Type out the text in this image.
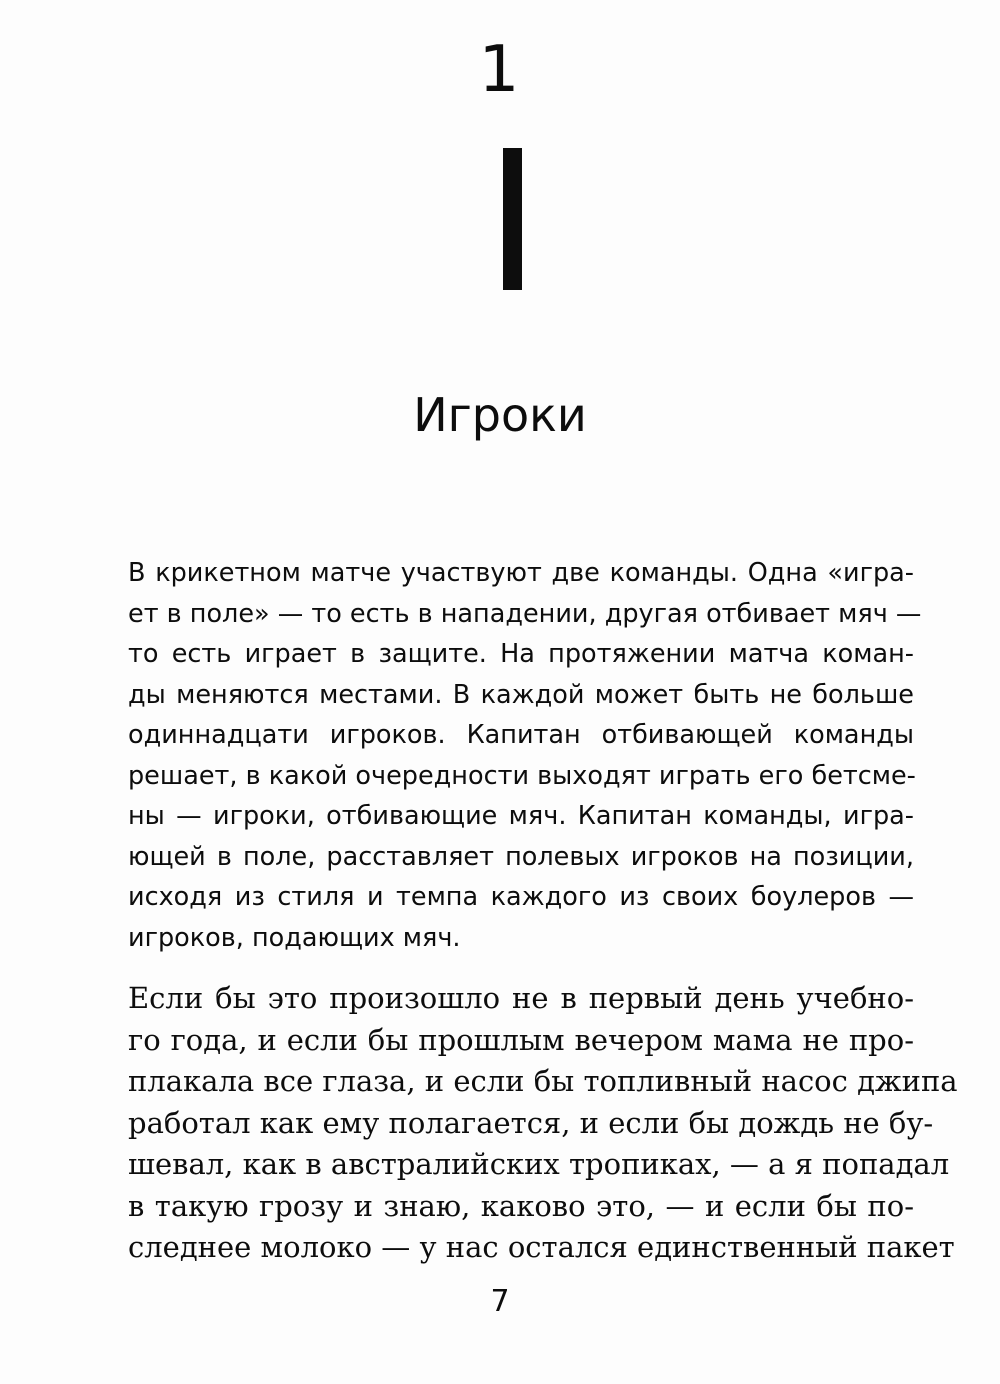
1
Игроки
В крикетном матче участвуют две команды. Одна «игра-
ет в поле» — то есть в нападении, другая отбивает мяч —
то есть играет в защите. На протяжении матча коман-
ды меняются местами. В каждой может быть не больше
одиннадцати игроков. Капитан отбивающей команды
решает, в какой очередности выходят играть его бетсме-
ны — игроки, отбивающие мяч. Капитан команды, игра-
ющей в поле, расставляет полевых игроков на позиции,
исходя из стиля и темпа каждого из своих боулеров —
игроков, подающих мяч.
Если бы это произошло не в первый день учебно-
го года, и если бы прошлым вечером мама не про-
плакала все глаза, и если бы топливный насос джипа
работал как ему полагается, и если бы дождь не бу-
шевал, как в австралийских тропиках, — а я попадал
в такую грозу и знаю, каково это, — и если бы по-
следнее молоко — у нас остался единственный пакет
7
